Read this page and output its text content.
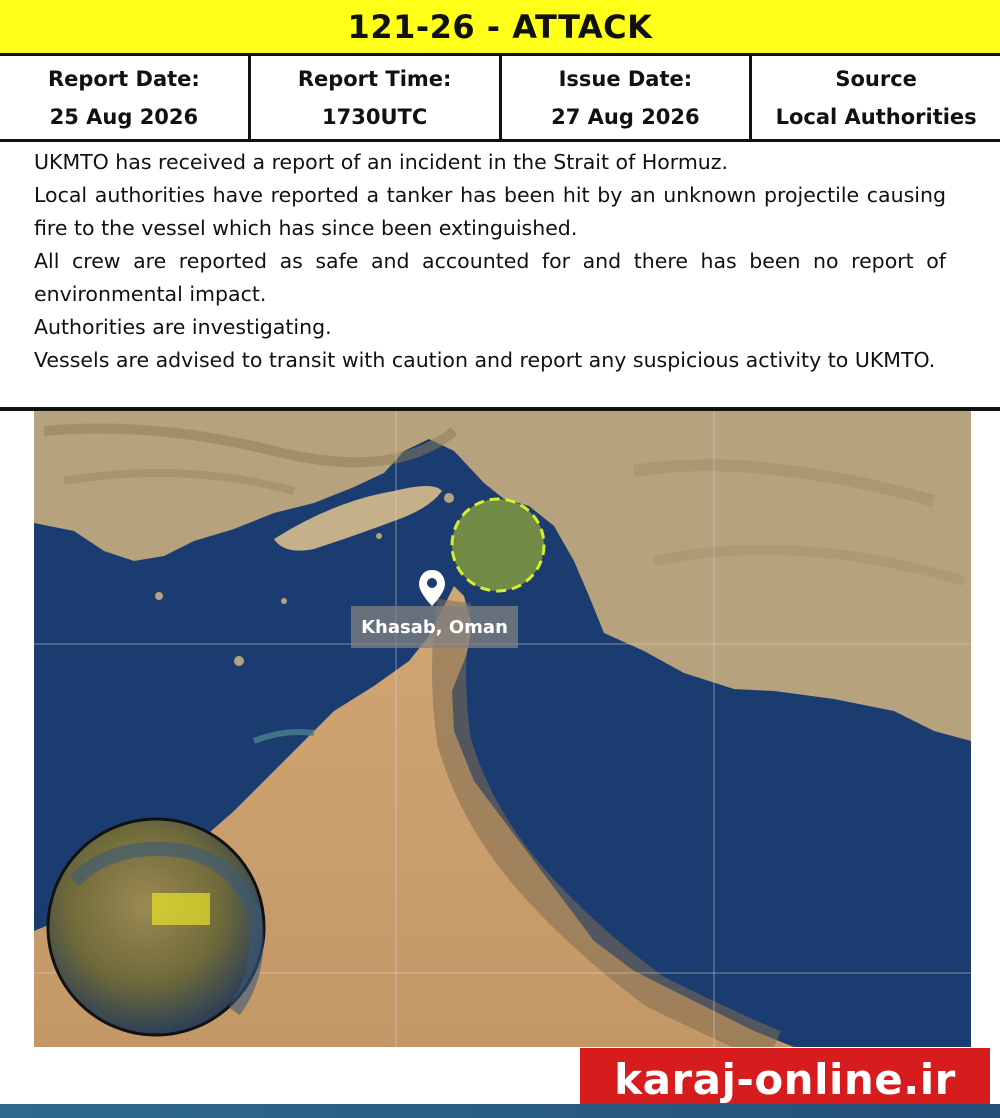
121-26 - ATTACK
Report Date:
25 Aug 2026
Report Time:
1730UTC
Issue Date:
27 Aug 2026
Source
Local Authorities

UKMTO has received a report of an incident in the Strait of Hormuz.

Local authorities have reported a tanker has been hit by an unknown projectile causing fire to the vessel which has since been extinguished.

All crew are reported as safe and accounted for and there has been no report of environmental impact.

Authorities are investigating.

Vessels are advised to transit with caution and report any suspicious activity to UKMTO.

Khasab, Oman
karaj-online.ir
